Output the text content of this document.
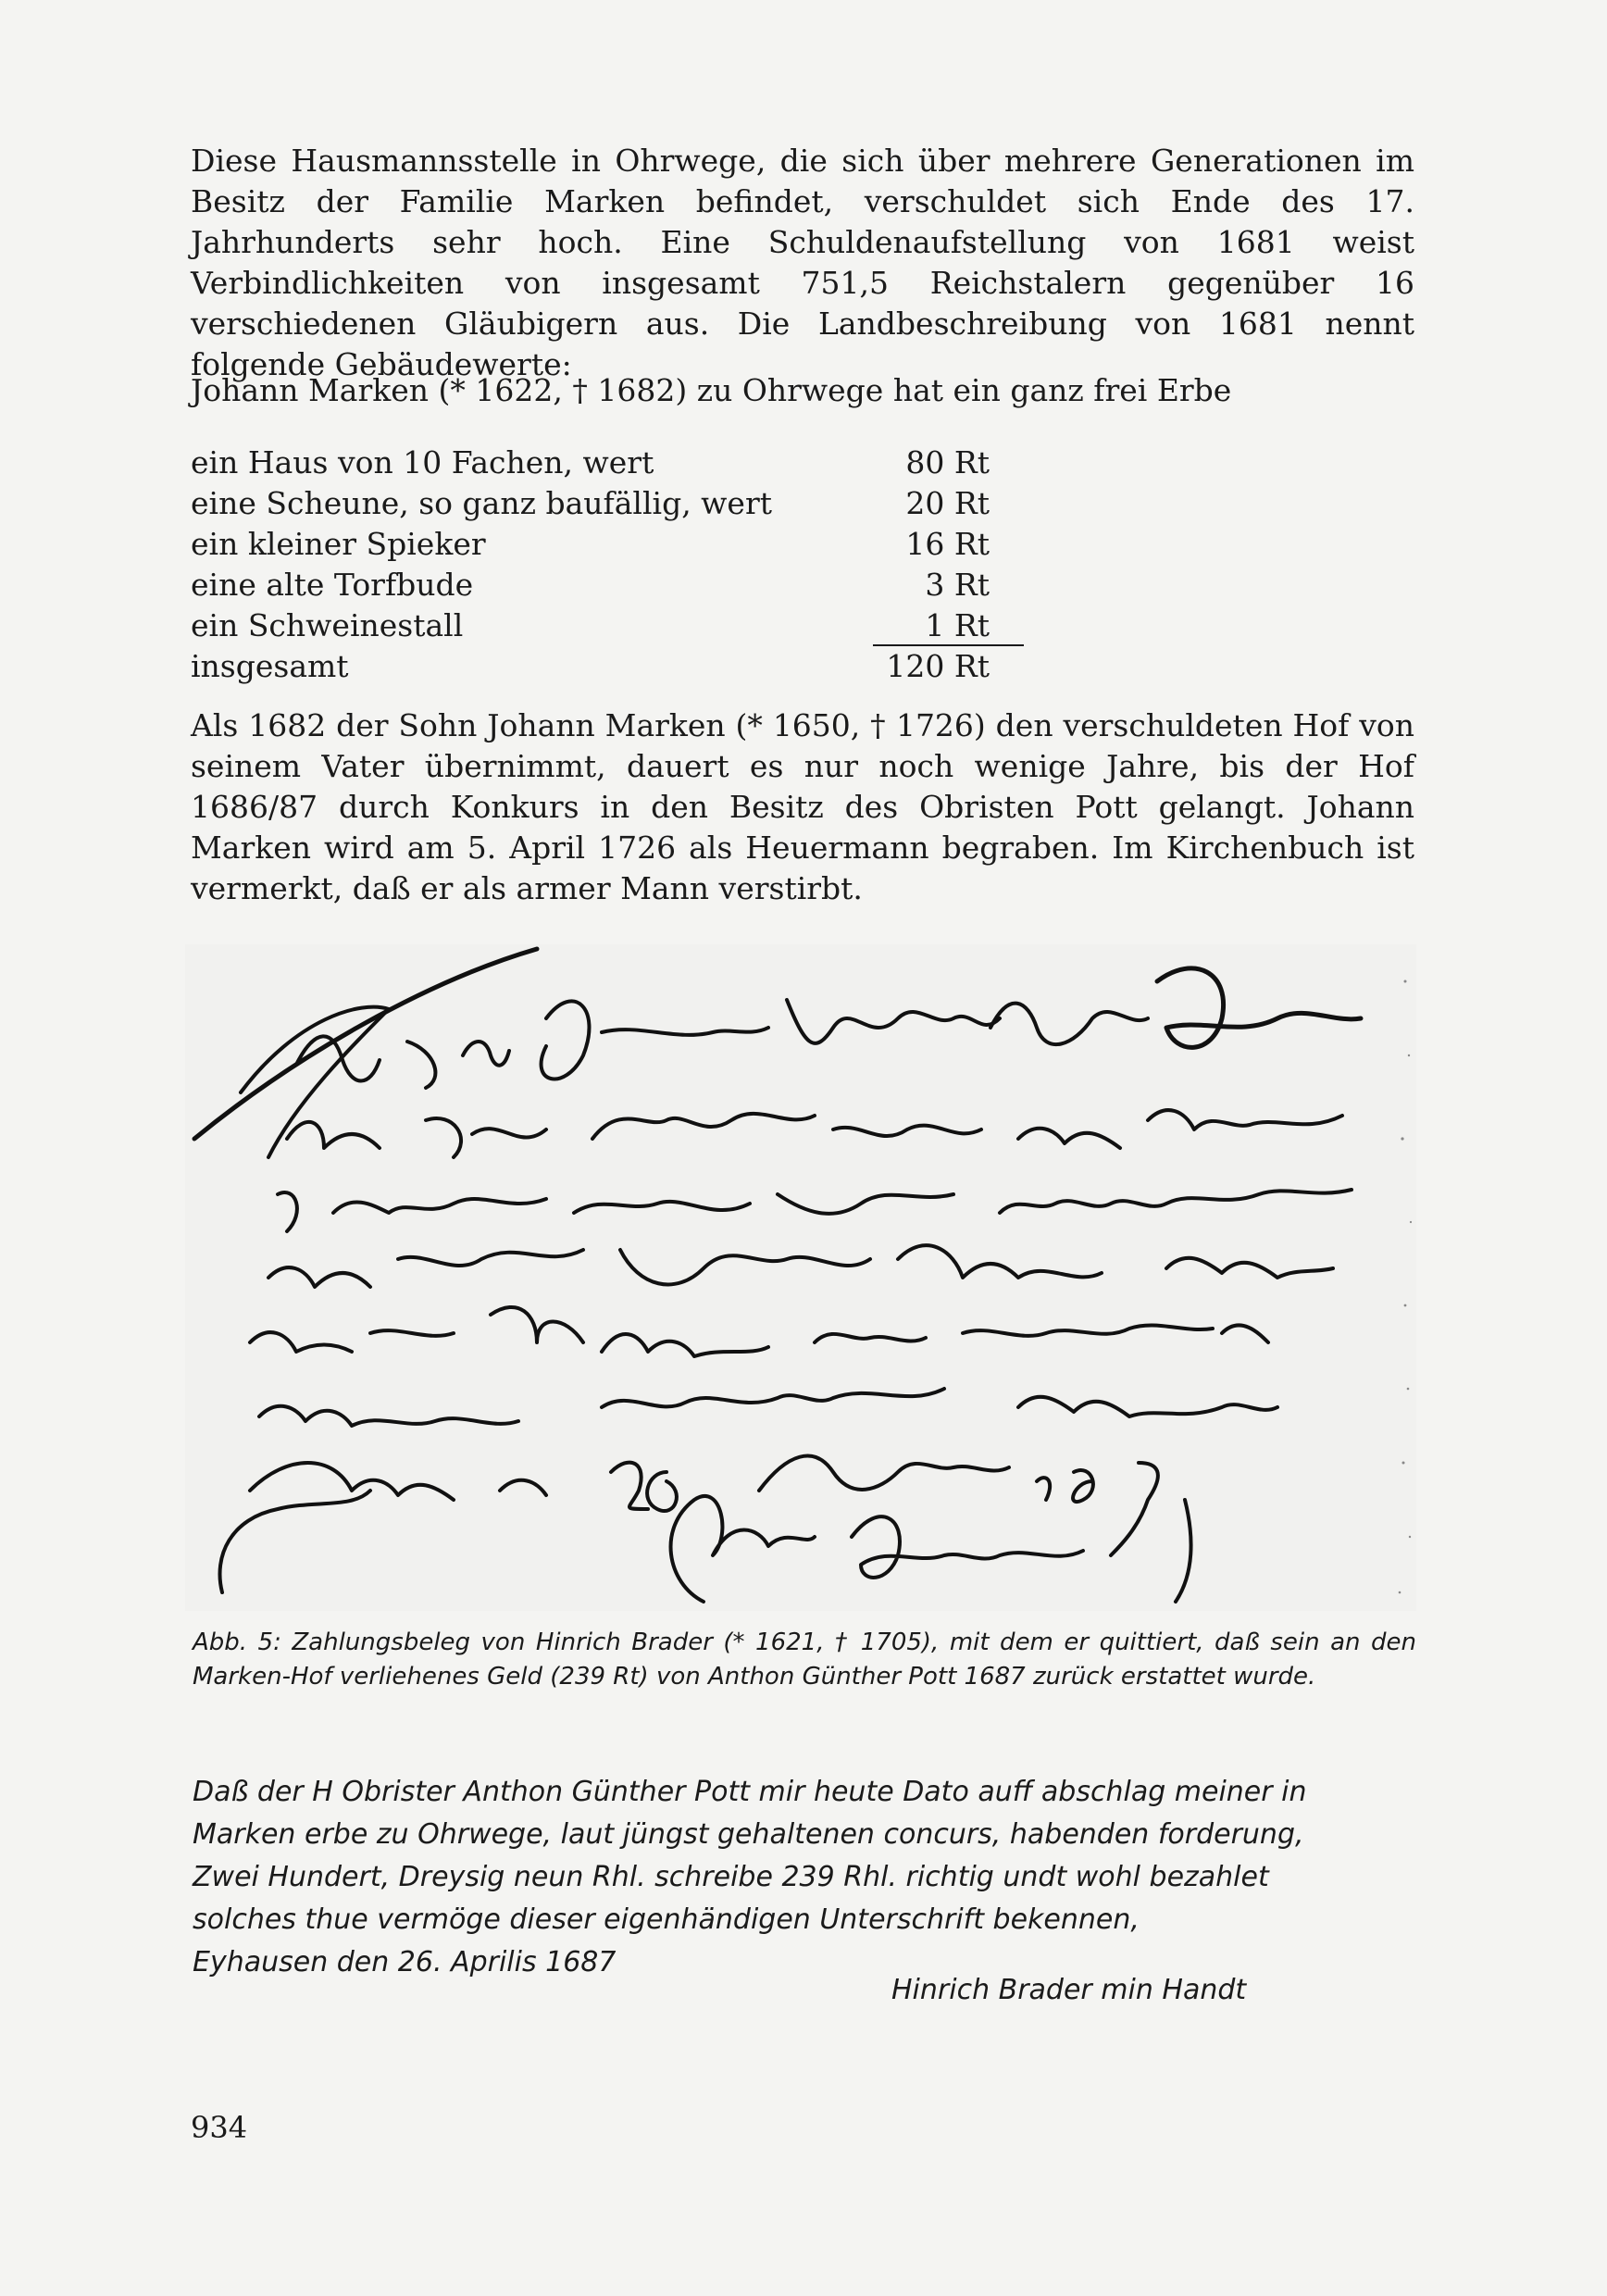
Diese Hausmannsstelle in Ohrwege, die sich über mehrere Generationen im Besitz der Familie Marken befindet, verschuldet sich Ende des 17. Jahrhunderts sehr hoch. Eine Schuldenaufstellung von 1681 weist Verbindlichkeiten von insgesamt 751,5 Reichstalern gegenüber 16 verschiedenen Gläubigern aus. Die Landbeschreibung von 1681 nennt folgende Gebäudewerte:

Johann Marken (* 1622, † 1682) zu Ohrwege hat ein ganz frei Erbe

ein Haus von 10 Fachen, wert	80 Rt
eine Scheune, so ganz baufällig, wert	20 Rt
ein kleiner Spieker	16 Rt
eine alte Torfbude	3 Rt
ein Schweinestall	1 Rt
insgesamt	120 Rt

Als 1682 der Sohn Johann Marken (* 1650, † 1726) den verschuldeten Hof von seinem Vater übernimmt, dauert es nur noch wenige Jahre, bis der Hof 1686/87 durch Konkurs in den Besitz des Obristen Pott gelangt. Johann Marken wird am 5. April 1726 als Heuermann begraben. Im Kirchenbuch ist vermerkt, daß er als armer Mann verstirbt.

Abb. 5: Zahlungsbeleg von Hinrich Brader (* 1621, † 1705), mit dem er quittiert, daß sein an den Marken-Hof verliehenes Geld (239 Rt) von Anthon Günther Pott 1687 zurück erstattet wurde.

Daß der H Obrister Anthon Günther Pott mir heute Dato auff abschlag meiner in
Marken erbe zu Ohrwege, laut jüngst gehaltenen concurs, habenden forderung,
Zwei Hundert, Dreysig neun Rhl. schreibe 239 Rhl. richtig undt wohl bezahlet
solches thue vermöge dieser eigenhändigen Unterschrift bekennen,
Eyhausen den 26. Aprilis 1687
Hinrich Brader min Handt
934
